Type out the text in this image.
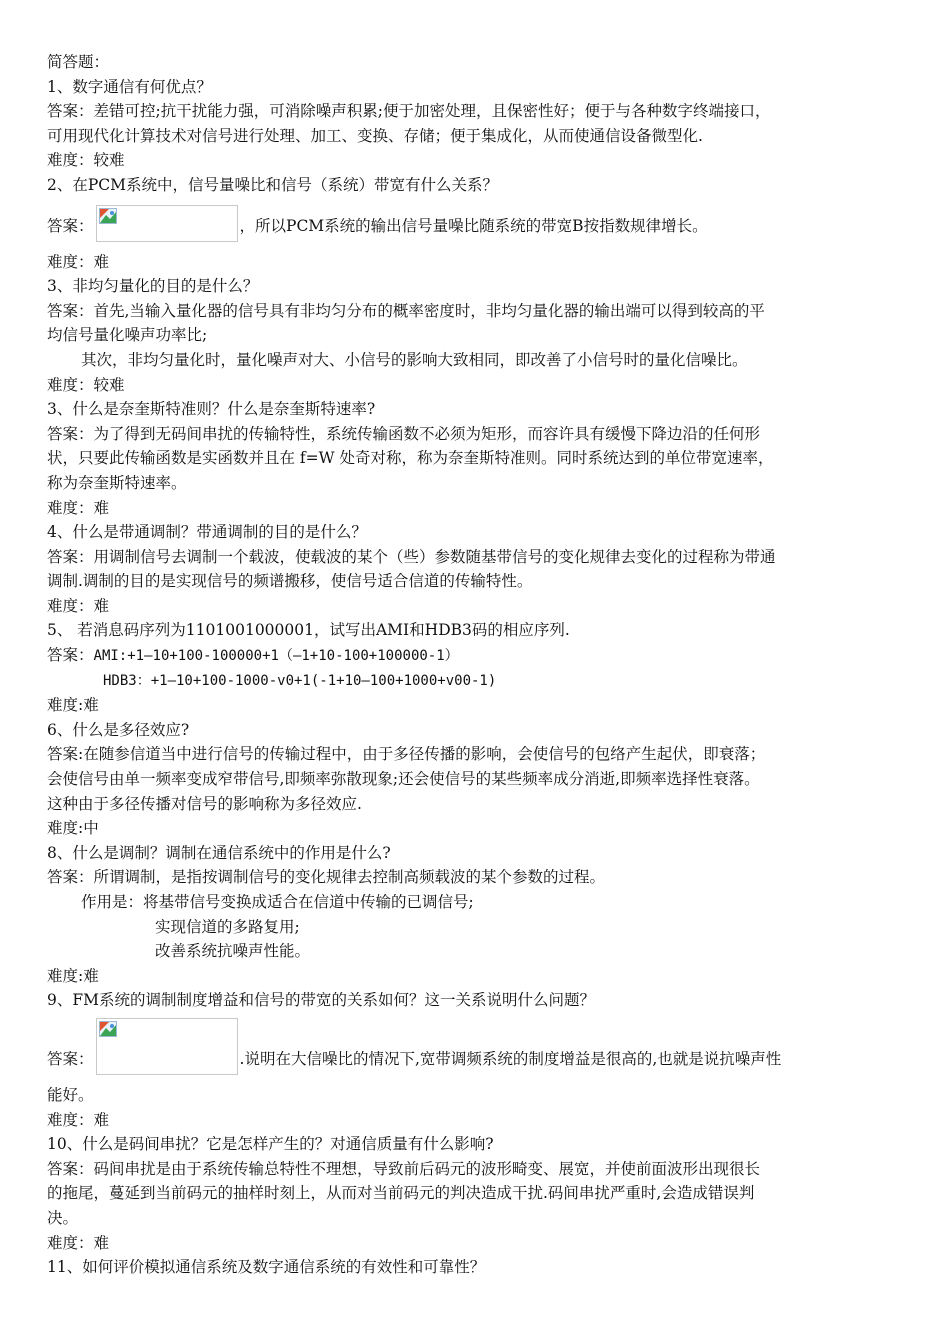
简答题：
1、数字通信有何优点？
答案：差错可控;抗干扰能力强，可消除噪声积累;便于加密处理，且保密性好；便于与各种数字终端接口，
可用现代化计算技术对信号进行处理、加工、变换、存储；便于集成化，从而使通信设备微型化.
难度：较难
2、在PCM系统中，信号量噪比和信号（系统）带宽有什么关系？
答案：	，所以PCM系统的输出信号量噪比随系统的带宽B按指数规律增长。
难度：难
3、非均匀量化的目的是什么？
答案：首先,当输入量化器的信号具有非均匀分布的概率密度时，非均匀量化器的输出端可以得到较高的平
均信号量化噪声功率比;
其次，非均匀量化时，量化噪声对大、小信号的影响大致相同，即改善了小信号时的量化信噪比。
难度：较难
3、什么是奈奎斯特准则？什么是奈奎斯特速率?
答案：为了得到无码间串扰的传输特性，系统传输函数不必须为矩形，而容许具有缓慢下降边沿的任何形
状，只要此传输函数是实函数并且在 f=W 处奇对称，称为奈奎斯特准则。同时系统达到的单位带宽速率，
称为奈奎斯特速率。
难度：难
4、什么是带通调制？带通调制的目的是什么？
答案：用调制信号去调制一个载波，使载波的某个（些）参数随基带信号的变化规律去变化的过程称为带通
调制.调制的目的是实现信号的频谱搬移，使信号适合信道的传输特性。
难度：难
5、 若消息码序列为1101001000001，试写出AMI和HDB3码的相应序列.
答案：AMI:+1—10+100-100000+1（—1+10-100+100000-1）
HDB3：+1—10+100-1000-v0+1(-1+10—100+1000+v00-1)
难度:难
6、什么是多径效应?
答案:在随参信道当中进行信号的传输过程中，由于多径传播的影响，会使信号的包络产生起伏，即衰落；
会使信号由单一频率变成窄带信号,即频率弥散现象;还会使信号的某些频率成分消逝,即频率选择性衰落。
这种由于多径传播对信号的影响称为多径效应.
难度:中
8、什么是调制？调制在通信系统中的作用是什么?
答案：所谓调制，是指按调制信号的变化规律去控制高频载波的某个参数的过程。
作用是：将基带信号变换成适合在信道中传输的已调信号;
实现信道的多路复用;
改善系统抗噪声性能。
难度:难
9、FM系统的调制制度增益和信号的带宽的关系如何？这一关系说明什么问题？
答案：	.说明在大信噪比的情况下,宽带调频系统的制度增益是很高的,也就是说抗噪声性
能好。
难度：难
10、什么是码间串扰？它是怎样产生的？对通信质量有什么影响?
答案：码间串扰是由于系统传输总特性不理想，导致前后码元的波形畸变、展宽，并使前面波形出现很长
的拖尾，蔓延到当前码元的抽样时刻上，从而对当前码元的判决造成干扰.码间串扰严重时,会造成错误判
决。
难度：难
11、如何评价模拟通信系统及数字通信系统的有效性和可靠性？
